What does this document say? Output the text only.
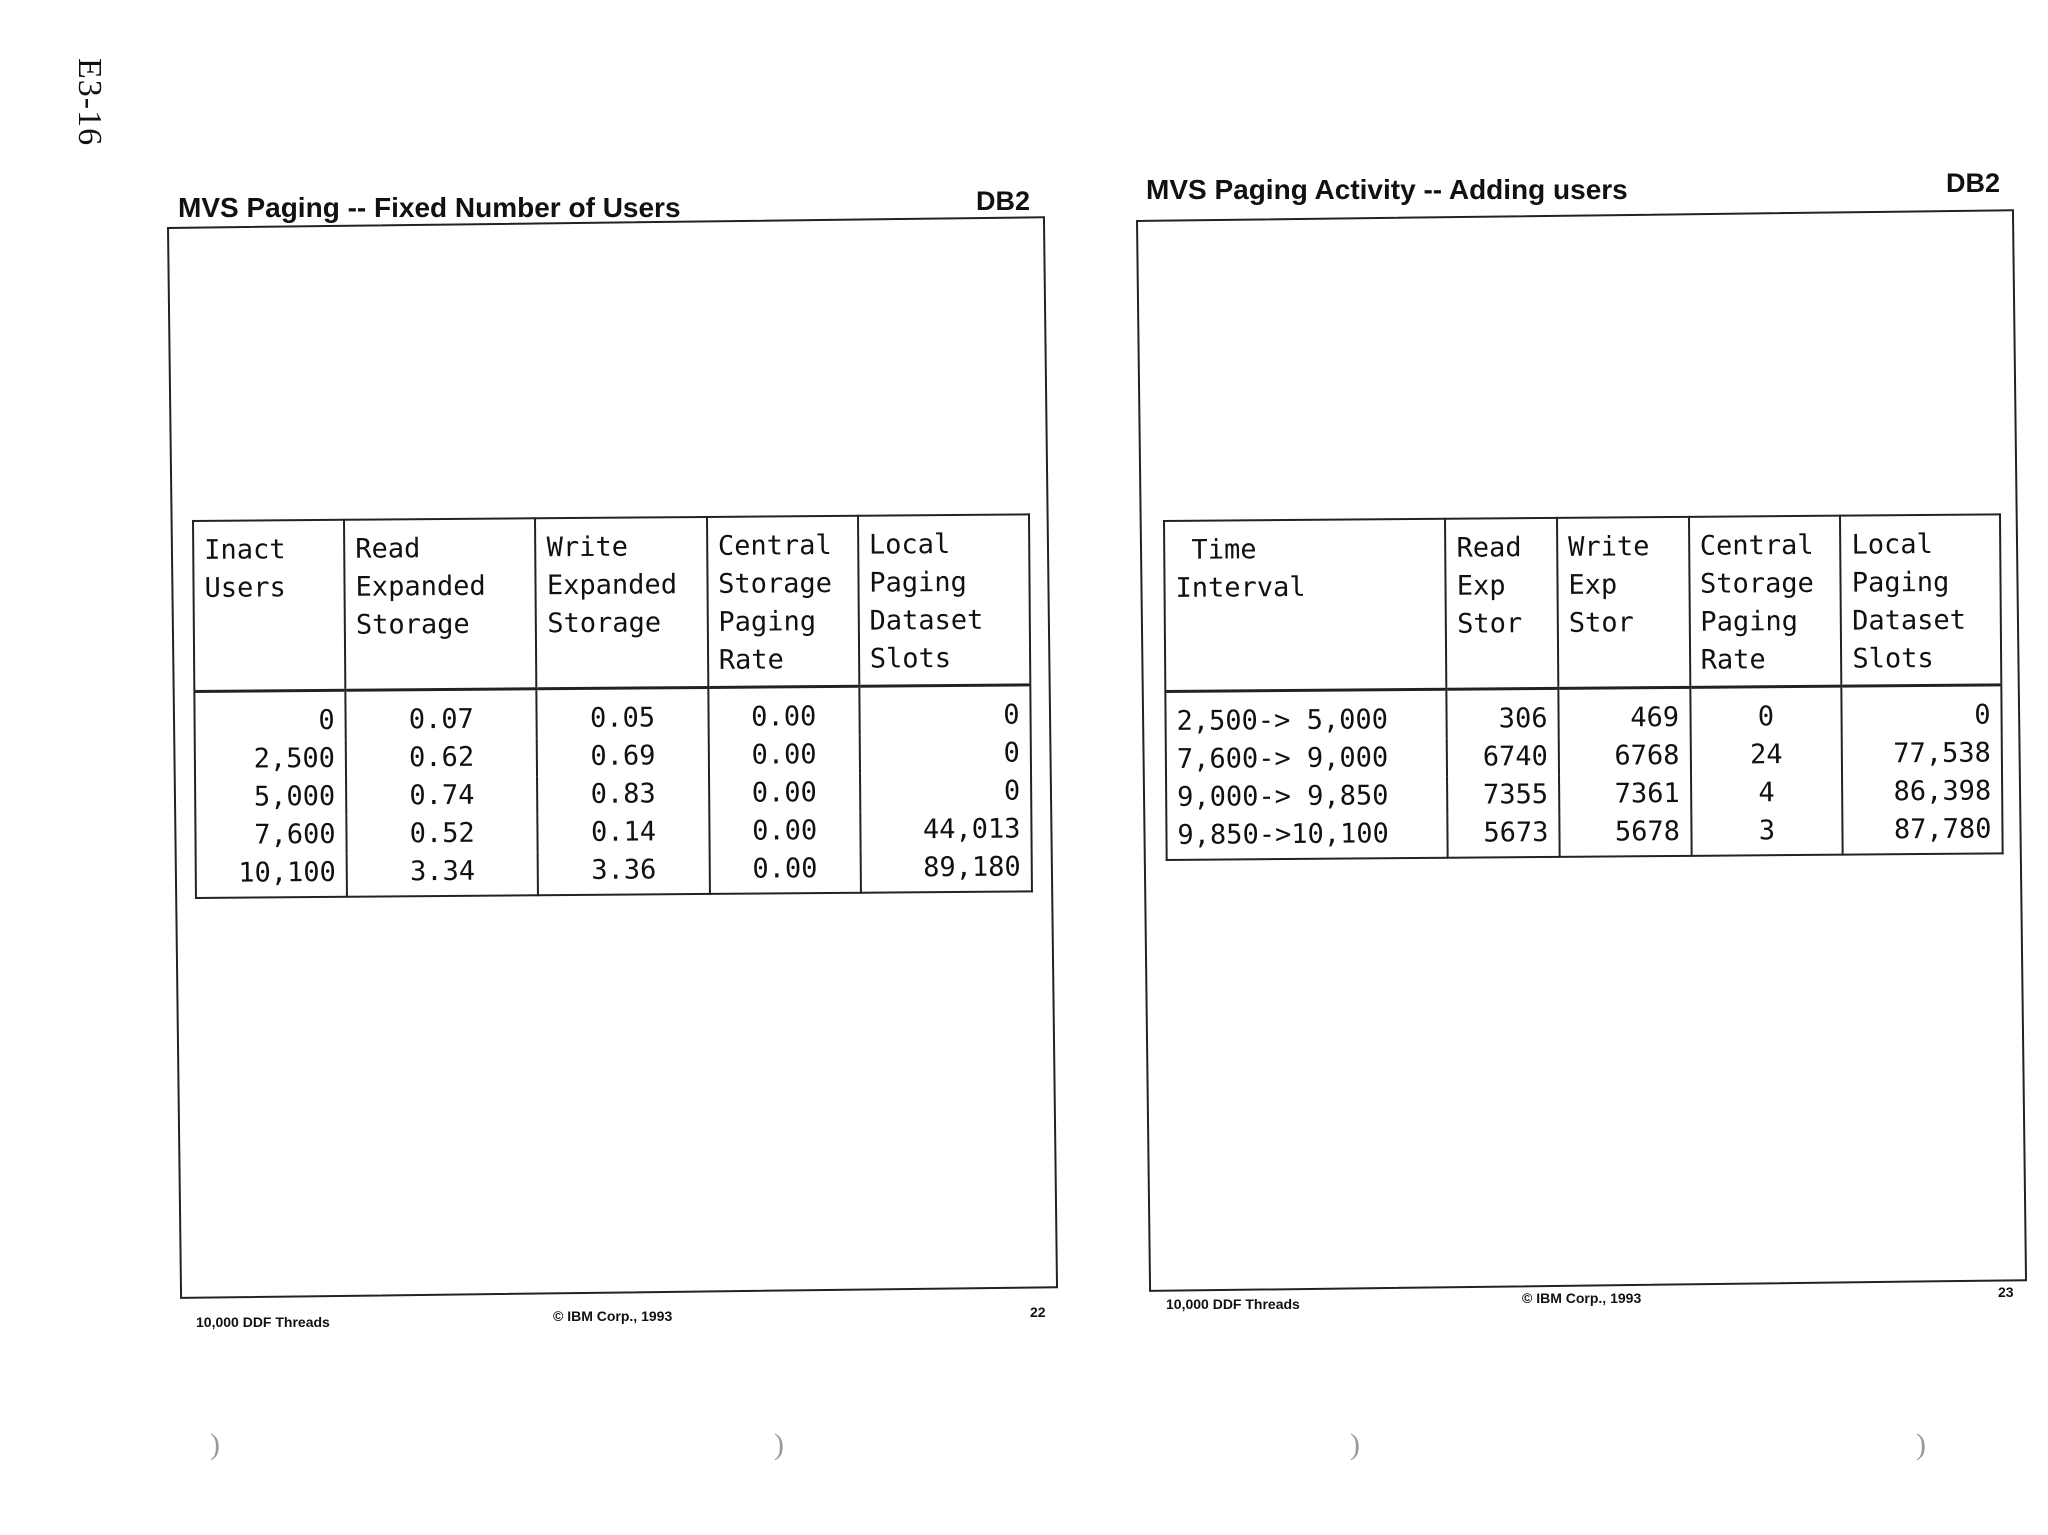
E3-16
MVS Paging -- Fixed Number of Users	DB2
Inact
Users	Read
Expanded
Storage	Write
Expanded
Storage	Central
Storage
Paging
Rate	Local
Paging
Dataset
Slots

0	0.07	0.05	0.00	0
2,500	0.62	0.69	0.00	0
5,000	0.74	0.83	0.00	0
7,600	0.52	0.14	0.00	44,013
10,100	3.34	3.36	0.00	89,180
10,000 DDF Threads	© IBM Corp., 1993	22
MVS Paging Activity -- Adding users	DB2
Time
Interval	Read
Exp
Stor	Write
Exp
Stor	Central
Storage
Paging
Rate	Local
Paging
Dataset
Slots

2,500-> 5,000	306	469	0	0
7,600-> 9,000	6740	6768	24	77,538
9,000-> 9,850	7355	7361	4	86,398
9,850->10,100	5673	5678	3	87,780
10,000 DDF Threads	© IBM Corp., 1993	23
)	)	)	)
